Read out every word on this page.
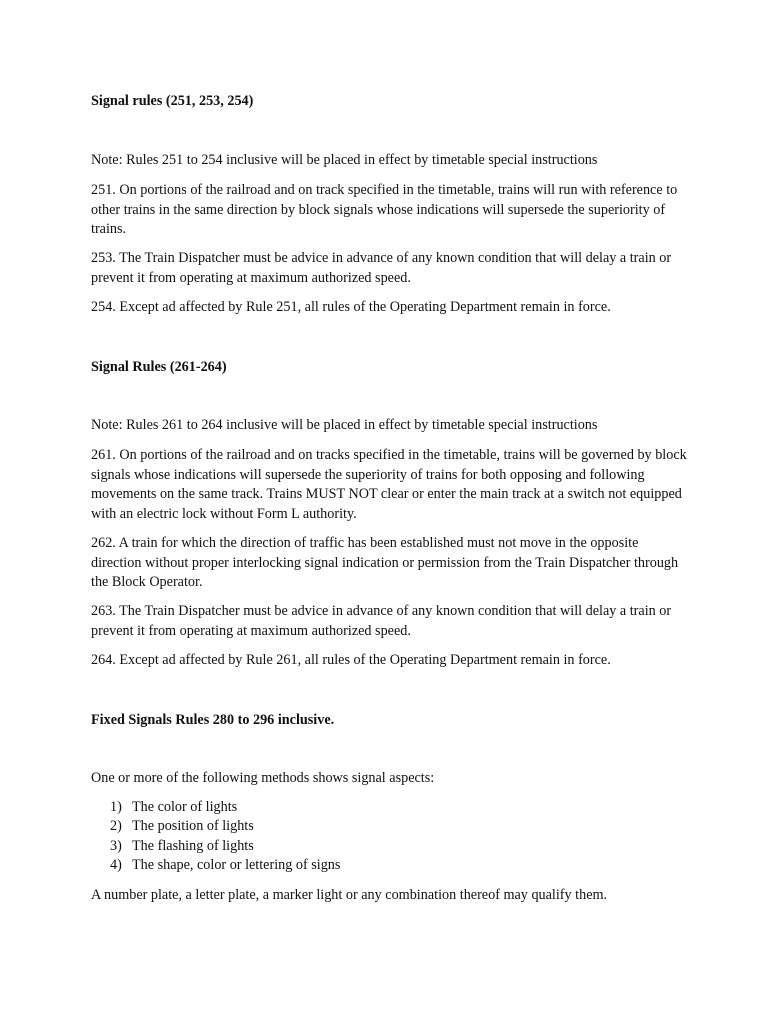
Signal rules (251, 253, 254)
Note: Rules 251 to 254 inclusive will be placed in effect by timetable special instructions
251. On portions of the railroad and on track specified in the timetable, trains will run with reference to other trains in the same direction by block signals whose indications will supersede the superiority of trains.
253. The Train Dispatcher must be advice in advance of any known condition that will delay a train or prevent it from operating at maximum authorized speed.
254. Except ad affected by Rule 251, all rules of the Operating Department remain in force.
Signal Rules (261-264)
Note: Rules 261 to 264 inclusive will be placed in effect by timetable special instructions
261. On portions of the railroad and on tracks specified in the timetable, trains will be governed by block signals whose indications will supersede the superiority of trains for both opposing and following movements on the same track. Trains MUST NOT clear or enter the main track at a switch not equipped with an electric lock without Form L authority.
262. A train for which the direction of traffic has been established must not move in the opposite direction without proper interlocking signal indication or permission from the Train Dispatcher through the Block Operator.
263. The Train Dispatcher must be advice in advance of any known condition that will delay a train or prevent it from operating at maximum authorized speed.
264. Except ad affected by Rule 261, all rules of the Operating Department remain in force.
Fixed Signals Rules 280 to 296 inclusive.
One or more of the following methods shows signal aspects:
1) The color of lights
2) The position of lights
3) The flashing of lights
4) The shape, color or lettering of signs
A number plate, a letter plate, a marker light or any combination thereof may qualify them.
